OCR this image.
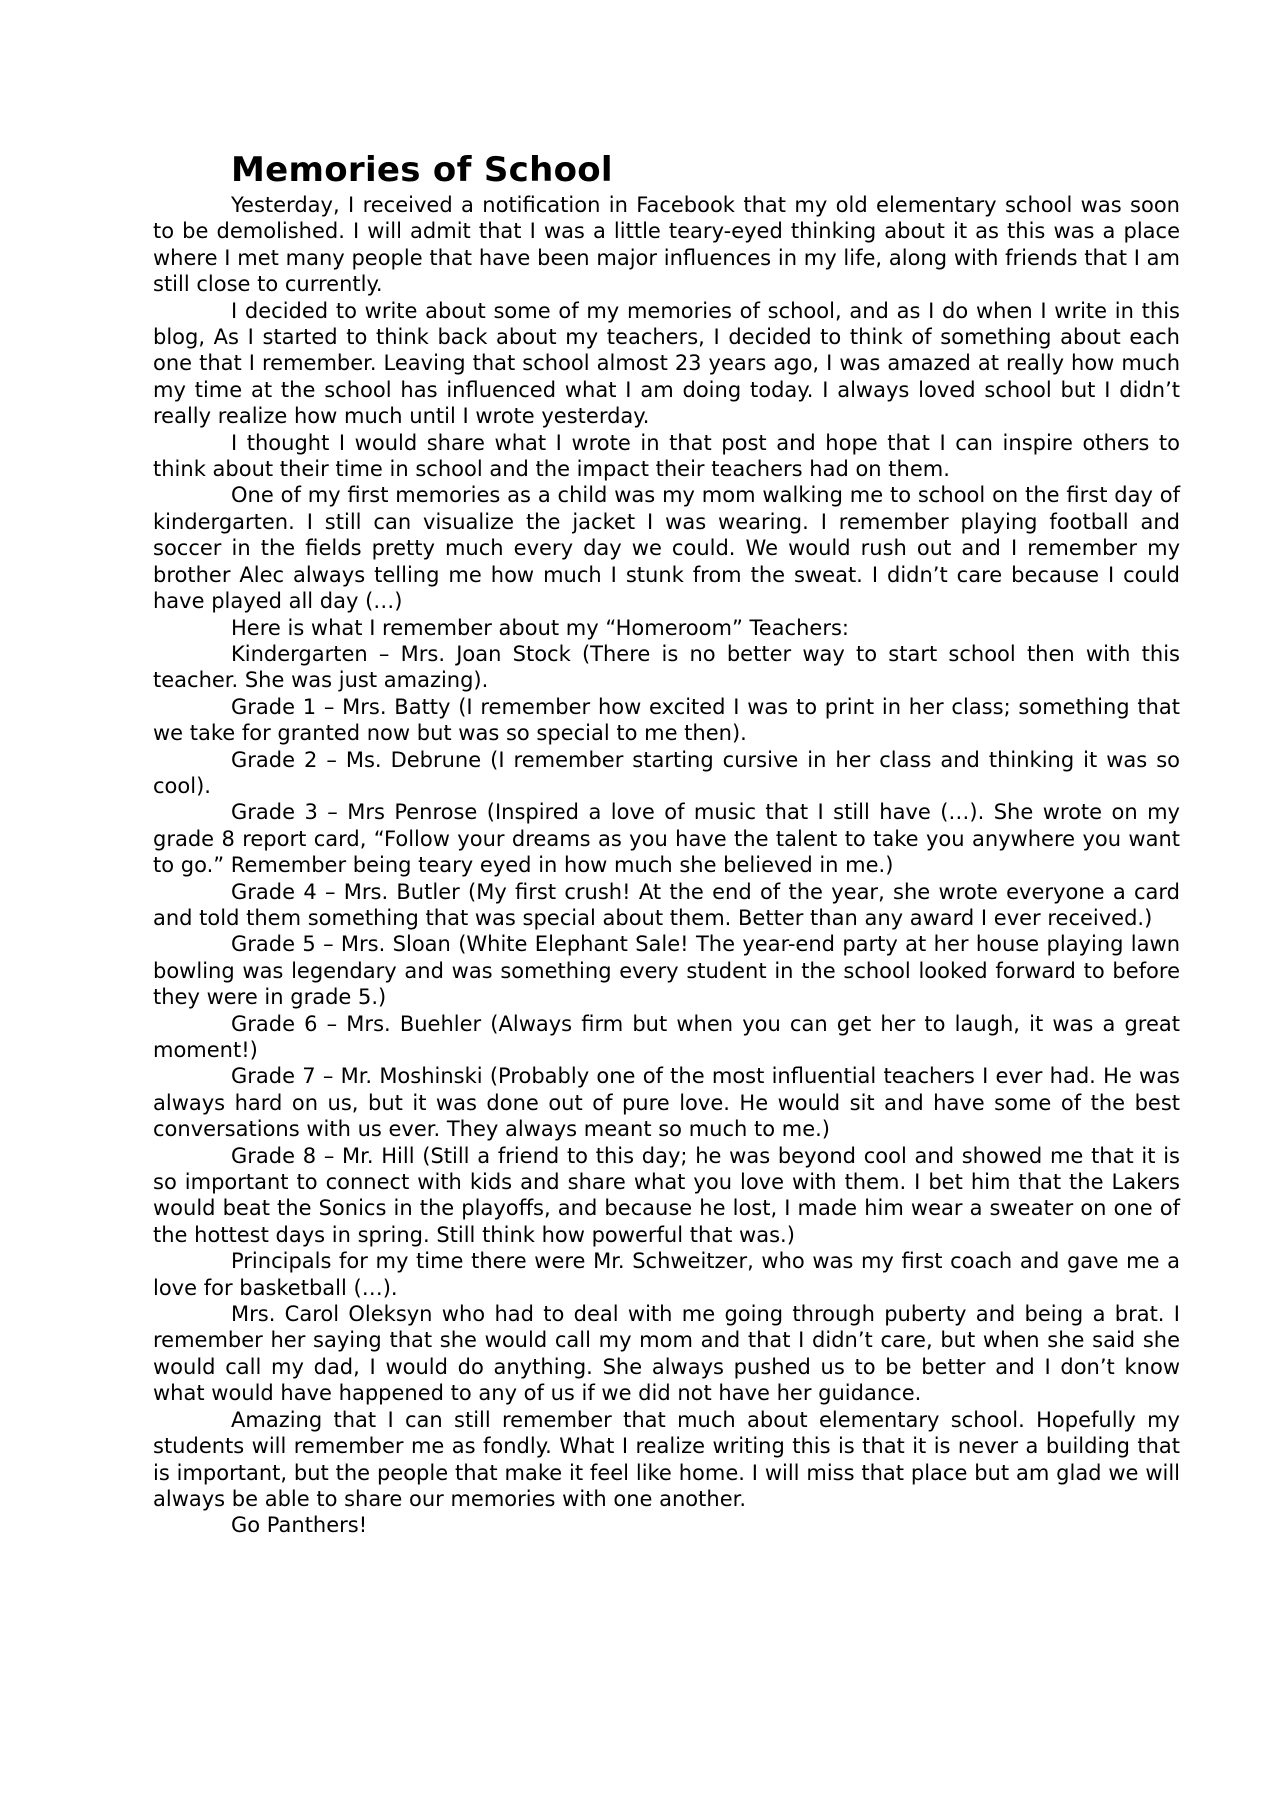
Memories of School

Yesterday, I received a notification in Facebook that my old elementary school was soon to be demolished. I will admit that I was a little teary-eyed thinking about it as this was a place where I met many people that have been major influences in my life, along with friends that I am still close to currently.

I decided to write about some of my memories of school, and as I do when I write in this blog, As I started to think back about my teachers, I decided to think of something about each one that I remember. Leaving that school almost 23 years ago, I was amazed at really how much my time at the school has influenced what I am doing today. I always loved school but I didn’t really realize how much until I wrote yesterday.

I thought I would share what I wrote in that post and hope that I can inspire others to think about their time in school and the impact their teachers had on them.

One of my first memories as a child was my mom walking me to school on the first day of kindergarten. I still can visualize the jacket I was wearing. I remember playing football and soccer in the fields pretty much every day we could. We would rush out and I remember my brother Alec always telling me how much I stunk from the sweat. I didn’t care because I could have played all day (…)

Here is what I remember about my “Homeroom” Teachers:

Kindergarten – Mrs. Joan Stock (There is no better way to start school then with this teacher. She was just amazing).

Grade 1 – Mrs. Batty (I remember how excited I was to print in her class; something that we take for granted now but was so special to me then).

Grade 2 – Ms. Debrune (I remember starting cursive in her class and thinking it was so cool).

Grade 3 – Mrs Penrose (Inspired a love of music that I still have (…). She wrote on my grade 8 report card, “Follow your dreams as you have the talent to take you anywhere you want to go.” Remember being teary eyed in how much she believed in me.)

Grade 4 – Mrs. Butler (My first crush! At the end of the year, she wrote everyone a card and told them something that was special about them. Better than any award I ever received.)

Grade 5 – Mrs. Sloan (White Elephant Sale! The year-end party at her house playing lawn bowling was legendary and was something every student in the school looked forward to before they were in grade 5.)

Grade 6 – Mrs. Buehler (Always firm but when you can get her to laugh, it was a great moment!)

Grade 7 – Mr. Moshinski (Probably one of the most influential teachers I ever had. He was always hard on us, but it was done out of pure love. He would sit and have some of the best conversations with us ever. They always meant so much to me.)

Grade 8 – Mr. Hill (Still a friend to this day; he was beyond cool and showed me that it is so important to connect with kids and share what you love with them. I bet him that the Lakers would beat the Sonics in the playoffs, and because he lost, I made him wear a sweater on one of the hottest days in spring. Still think how powerful that was.)

Principals for my time there were Mr. Schweitzer, who was my first coach and gave me a love for basketball (…).

Mrs. Carol Oleksyn who had to deal with me going through puberty and being a brat. I remember her saying that she would call my mom and that I didn’t care, but when she said she would call my dad, I would do anything. She always pushed us to be better and I don’t know what would have happened to any of us if we did not have her guidance.

Amazing that I can still remember that much about elementary school. Hopefully my students will remember me as fondly. What I realize writing this is that it is never a building that is important, but the people that make it feel like home. I will miss that place but am glad we will always be able to share our memories with one another.

Go Panthers!
